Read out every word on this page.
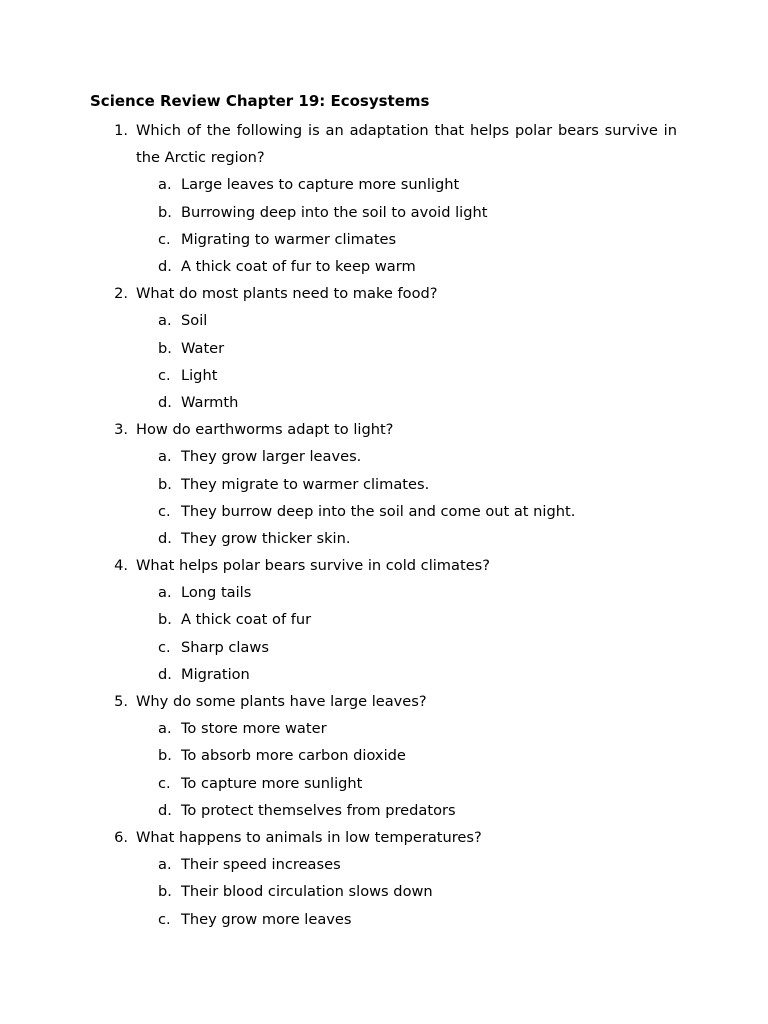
Science Review Chapter 19: Ecosystems
1. Which of the following is an adaptation that helps polar bears survive in the Arctic region?
a. Large leaves to capture more sunlight
b. Burrowing deep into the soil to avoid light
c. Migrating to warmer climates
d. A thick coat of fur to keep warm
2. What do most plants need to make food?
a. Soil
b. Water
c. Light
d. Warmth
3. How do earthworms adapt to light?
a. They grow larger leaves.
b. They migrate to warmer climates.
c. They burrow deep into the soil and come out at night.
d. They grow thicker skin.
4. What helps polar bears survive in cold climates?
a. Long tails
b. A thick coat of fur
c. Sharp claws
d. Migration
5. Why do some plants have large leaves?
a. To store more water
b. To absorb more carbon dioxide
c. To capture more sunlight
d. To protect themselves from predators
6. What happens to animals in low temperatures?
a. Their speed increases
b. Their blood circulation slows down
c. They grow more leaves
